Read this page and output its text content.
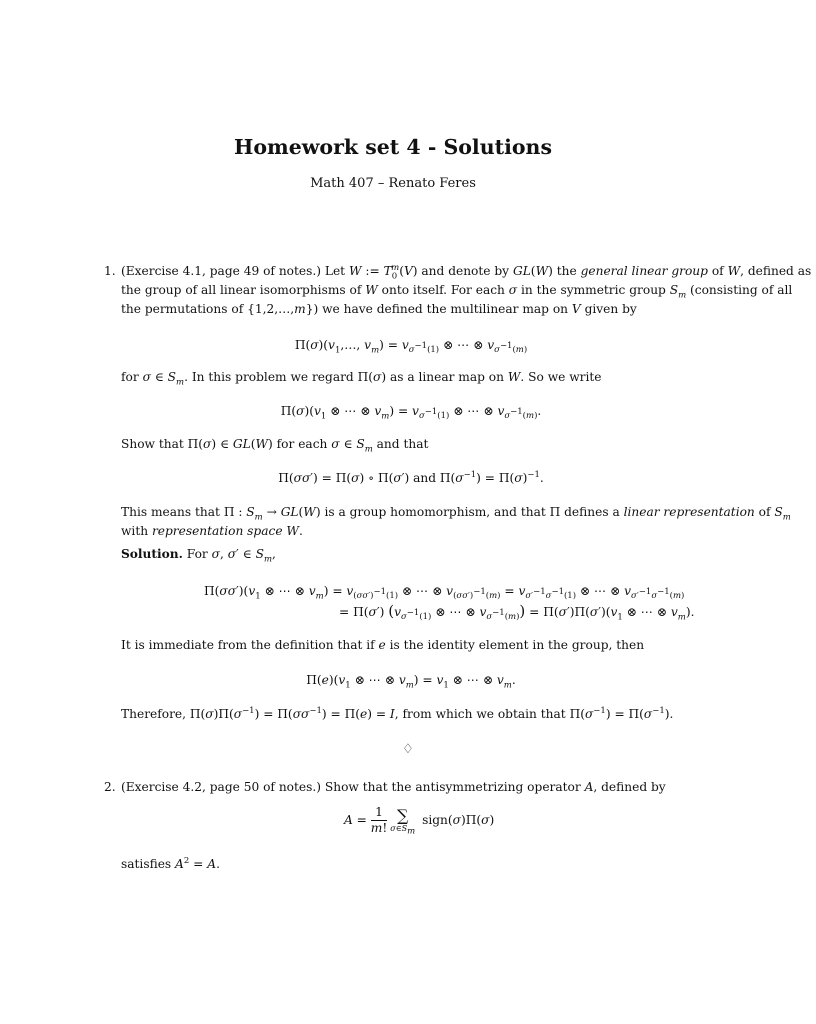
Homework set 4 - Solutions
Math 407 – Renato Feres
1. (Exercise 4.1, page 49 of notes.) Let W := $T_0^m(V)$ and denote by GL(W) the general linear group of W, defined as
the group of all linear isomorphisms of W onto itself. For each σ in the symmetric group $S_m$ (consisting of all
the permutations of {1,2,…,m}) we have defined the multilinear map on V given by
$\Pi(\sigma)(v_1,\dots$, $v_m) = v_{\sigma^{-1}(1)}$ ⊗ ⋯ ⊗ $v_{\sigma^{-1}(m)}$
for σ ∈ $S_m$. In this problem we regard Π(σ) as a linear map on W. So we write
$\Pi(\sigma)(v_1$ ⊗ ⋯ ⊗ $v_m) = v_{\sigma^{-1}(1)}$ ⊗ ⋯ ⊗ $v_{\sigma^{-1}(m)}$.
Show that Π(σ) ∈ GL(W) for each σ ∈ $S_m$ and that
Π(σσ′) = Π(σ) ∘ Π(σ′) and $\Pi(\sigma^{-1}) = \Pi(\sigma)^{-1}$.
This means that Π : $S_m \to GL(W)$ is a group homomorphism, and that Π defines a linear representation of $S_m$
with representation space W.
Solution. For σ, σ′ ∈ $S_m$,
$\Pi(\sigma\sigma')(v_1$ ⊗ ⋯ ⊗ $v_m) = v_{(\sigma\sigma')^{-1}(1)}$ ⊗ ⋯ ⊗ $v_{(\sigma\sigma')^{-1}(m)} = v_{\sigma'^{-1}\sigma^{-1}(1)}$ ⊗ ⋯ ⊗ $v_{\sigma'^{-1}\sigma^{-1}(m)}$
= Π(σ′) ($v_{\sigma^{-1}(1)}$ ⊗ ⋯ ⊗ $v_{\sigma^{-1}(m)}) = \Pi(\sigma')\Pi(\sigma')(v_1$ ⊗ ⋯ ⊗ $v_m$).
It is immediate from the definition that if e is the identity element in the group, then
$\Pi(e)(v_1$ ⊗ ⋯ ⊗ $v_m) = v_1$ ⊗ ⋯ ⊗ $v_m$.
Therefore, $\Pi(\sigma)\Pi(\sigma^{-1}) = \Pi(\sigma\sigma^{-1}) = \Pi(e) = I$, from which we obtain that $\Pi(\sigma^{-1}) = \Pi(\sigma^{-1})$.
♢
2. (Exercise 4.2, page 50 of notes.) Show that the antisymmetrizing operator A, defined by
$A = \frac{1}{m!}$ ∑
$\sigma\in S_m$
sign(σ)Π(σ)
satisfies $A^2 = A$.
